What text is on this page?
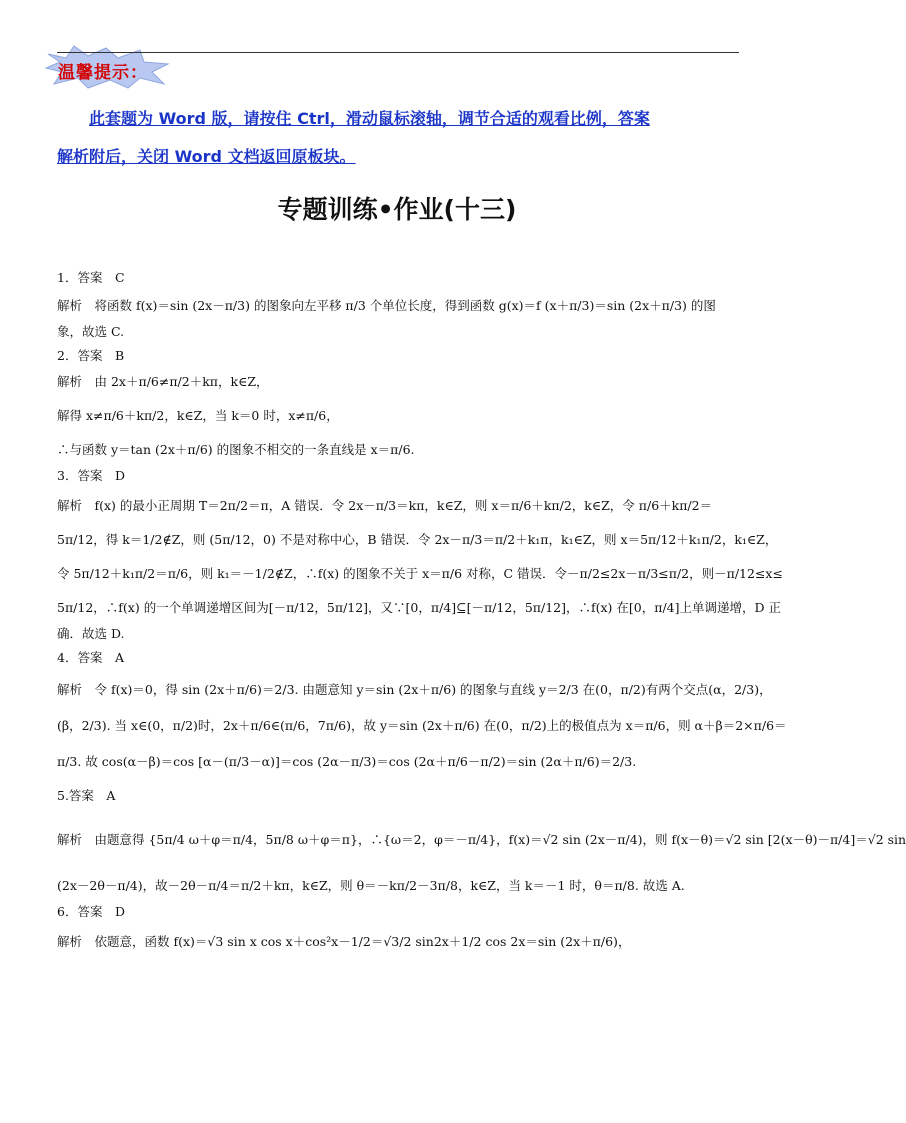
温馨提示：
此套题为 Word 版，请按住 Ctrl，滑动鼠标滚轴，调节合适的观看比例，答案
解析附后，关闭 Word 文档返回原板块。
专题训练•作业(十三)
1．答案　C
解析　将函数 f(x)＝sin (2x－π/3) 的图象向左平移 π/3 个单位长度，得到函数 g(x)＝f (x＋π/3)＝sin (2x＋π/3) 的图
象，故选 C.
2．答案　B
解析　由 2x＋π/6≠π/2＋kπ，k∈Z，
解得 x≠π/6＋kπ/2，k∈Z，当 k＝0 时，x≠π/6，
∴与函数 y＝tan (2x＋π/6) 的图象不相交的一条直线是 x＝π/6.
3．答案　D
解析　f(x) 的最小正周期 T＝2π/2＝π，A 错误．令 2x－π/3＝kπ，k∈Z，则 x＝π/6＋kπ/2，k∈Z，令 π/6＋kπ/2＝
5π/12，得 k＝1/2∉Z，则 (5π/12，0) 不是对称中心，B 错误．令 2x－π/3＝π/2＋k₁π，k₁∈Z，则 x＝5π/12＋k₁π/2，k₁∈Z，
令 5π/12＋k₁π/2＝π/6，则 k₁＝－1/2∉Z，∴f(x) 的图象不关于 x＝π/6 对称，C 错误．令－π/2≤2x－π/3≤π/2，则－π/12≤x≤
5π/12，∴f(x) 的一个单调递增区间为[－π/12，5π/12]，又∵[0，π/4]⊆[－π/12，5π/12]，∴f(x) 在[0，π/4]上单调递增，D 正
确．故选 D.
4．答案　A
解析　令 f(x)＝0，得 sin (2x＋π/6)＝2/3. 由题意知 y＝sin (2x＋π/6) 的图象与直线 y＝2/3 在(0，π/2)有两个交点(α，2/3)，
(β，2/3). 当 x∈(0，π/2)时，2x＋π/6∈(π/6，7π/6)，故 y＝sin (2x＋π/6) 在(0，π/2)上的极值点为 x＝π/6，则 α＋β＝2×π/6＝
π/3. 故 cos(α－β)＝cos [α－(π/3－α)]＝cos (2α－π/3)＝cos (2α＋π/6－π/2)＝sin (2α＋π/6)＝2/3.
5.答案　A
解析　由题意得 {5π/4 ω＋φ＝π/4，5π/8 ω＋φ＝π}，∴{ω＝2，φ＝－π/4}，f(x)＝√2 sin (2x－π/4)，则 f(x－θ)＝√2 sin [2(x－θ)－π/4]＝√2 sin
(2x－2θ－π/4)，故－2θ－π/4＝π/2＋kπ，k∈Z，则 θ＝－kπ/2－3π/8，k∈Z，当 k＝－1 时，θ＝π/8. 故选 A.
6．答案　D
解析　依题意，函数 f(x)＝√3 sin x cos x＋cos²x－1/2＝√3/2 sin2x＋1/2 cos 2x＝sin (2x＋π/6)，
